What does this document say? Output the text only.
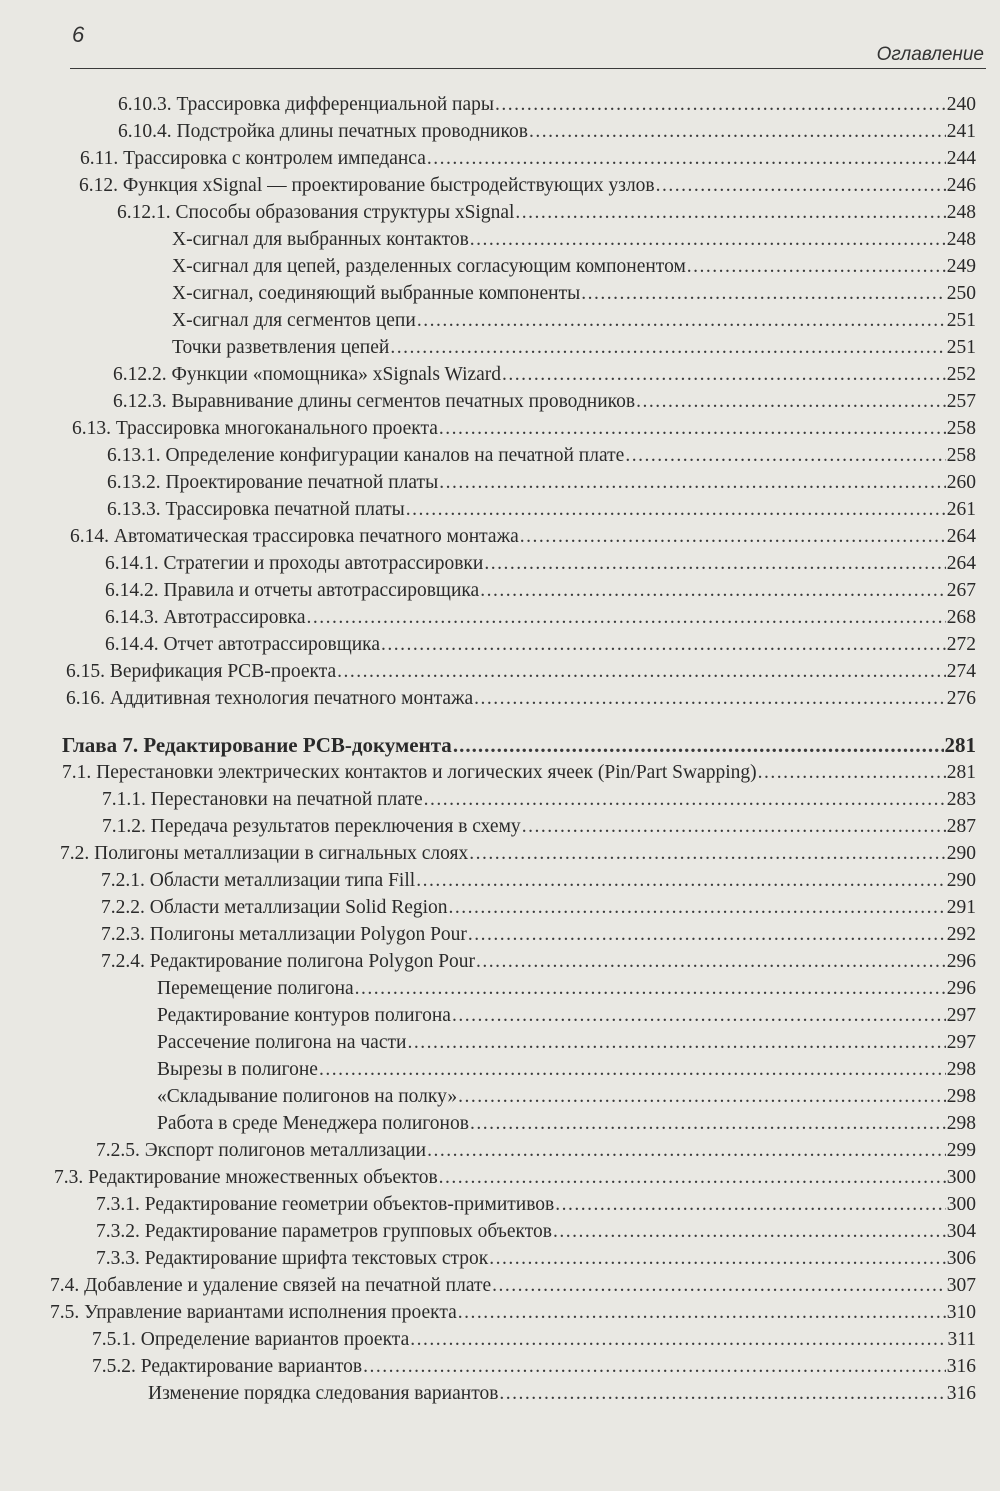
6
Оглавление
6.10.3. Трассировка дифференциальной пары .....	240
6.10.4. Подстройка длины печатных проводников .....	241
6.11. Трассировка с контролем импеданса .....	244
6.12. Функция xSignal — проектирование быстродействующих узлов .....	246
6.12.1. Способы образования структуры xSignal .....	248
X-сигнал для выбранных контактов .....	248
X-сигнал для цепей, разделенных согласующим компонентом .....	249
X-сигнал, соединяющий выбранные компоненты .....	250
X-сигнал для сегментов цепи .....	251
Точки разветвления цепей .....	251
6.12.2. Функции «помощника» xSignals Wizard .....	252
6.12.3. Выравнивание длины сегментов печатных проводников .....	257
6.13. Трассировка многоканального проекта .....	258
6.13.1. Определение конфигурации каналов на печатной плате .....	258
6.13.2. Проектирование печатной платы .....	260
6.13.3. Трассировка печатной платы .....	261
6.14. Автоматическая трассировка печатного монтажа .....	264
6.14.1. Стратегии и проходы автотрассировки .....	264
6.14.2. Правила и отчеты автотрассировщика .....	267
6.14.3. Автотрассировка .....	268
6.14.4. Отчет автотрассировщика .....	272
6.15. Верификация PCB-проекта .....	274
6.16. Аддитивная технология печатного монтажа .....	276
Глава 7. Редактирование PCB-документа .....	281
7.1. Перестановки электрических контактов и логических ячеек (Pin/Part Swapping) .....	281
7.1.1. Перестановки на печатной плате .....	283
7.1.2. Передача результатов переключения в схему .....	287
7.2. Полигоны металлизации в сигнальных слоях .....	290
7.2.1. Области металлизации типа Fill .....	290
7.2.2. Области металлизации Solid Region .....	291
7.2.3. Полигоны металлизации Polygon Pour .....	292
7.2.4. Редактирование полигона Polygon Pour .....	296
Перемещение полигона .....	296
Редактирование контуров полигона .....	297
Рассечение полигона на части .....	297
Вырезы в полигоне .....	298
«Складывание полигонов на полку» .....	298
Работа в среде Менеджера полигонов .....	298
7.2.5. Экспорт полигонов металлизации .....	299
7.3. Редактирование множественных объектов .....	300
7.3.1. Редактирование геометрии объектов-примитивов .....	300
7.3.2. Редактирование параметров групповых объектов .....	304
7.3.3. Редактирование шрифта текстовых строк .....	306
7.4. Добавление и удаление связей на печатной плате .....	307
7.5. Управление вариантами исполнения проекта .....	310
7.5.1. Определение вариантов проекта .....	311
7.5.2. Редактирование вариантов .....	316
Изменение порядка следования вариантов .....	316
